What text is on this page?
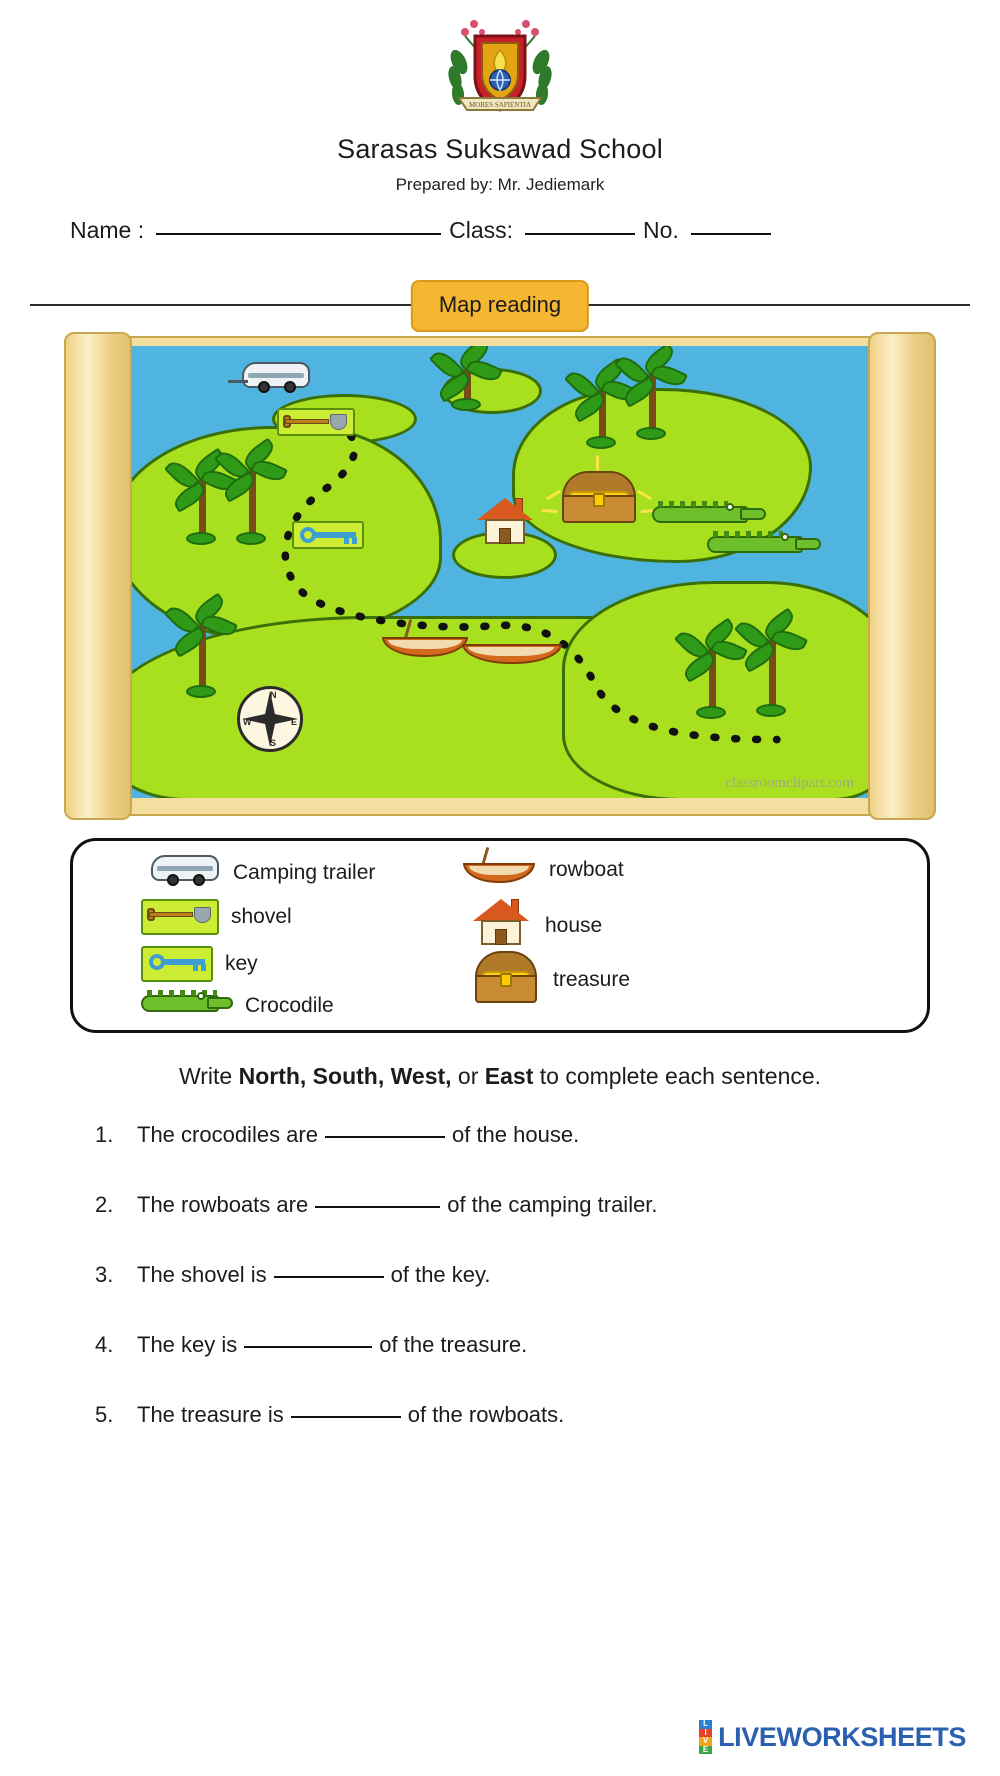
MORES SAPIENTIA
Sarasas Suksawad School
Prepared by: Mr. Jediemark
Name :	Class:	No.
Map reading
N
S
E
W
classroomclipart.com
Camping trailer
shovel
key
Crocodile
rowboat
house
treasure
Write North, South, West, or East to complete each sentence.
1.	The crocodiles are	of the house.
2.	The rowboats are	of the camping trailer.
3.	The shovel is	of the key.
4.	The key is	of the treasure.
5.	The treasure is	of the rowboats.
L
I
V
E LIVEWORKSHEETS
